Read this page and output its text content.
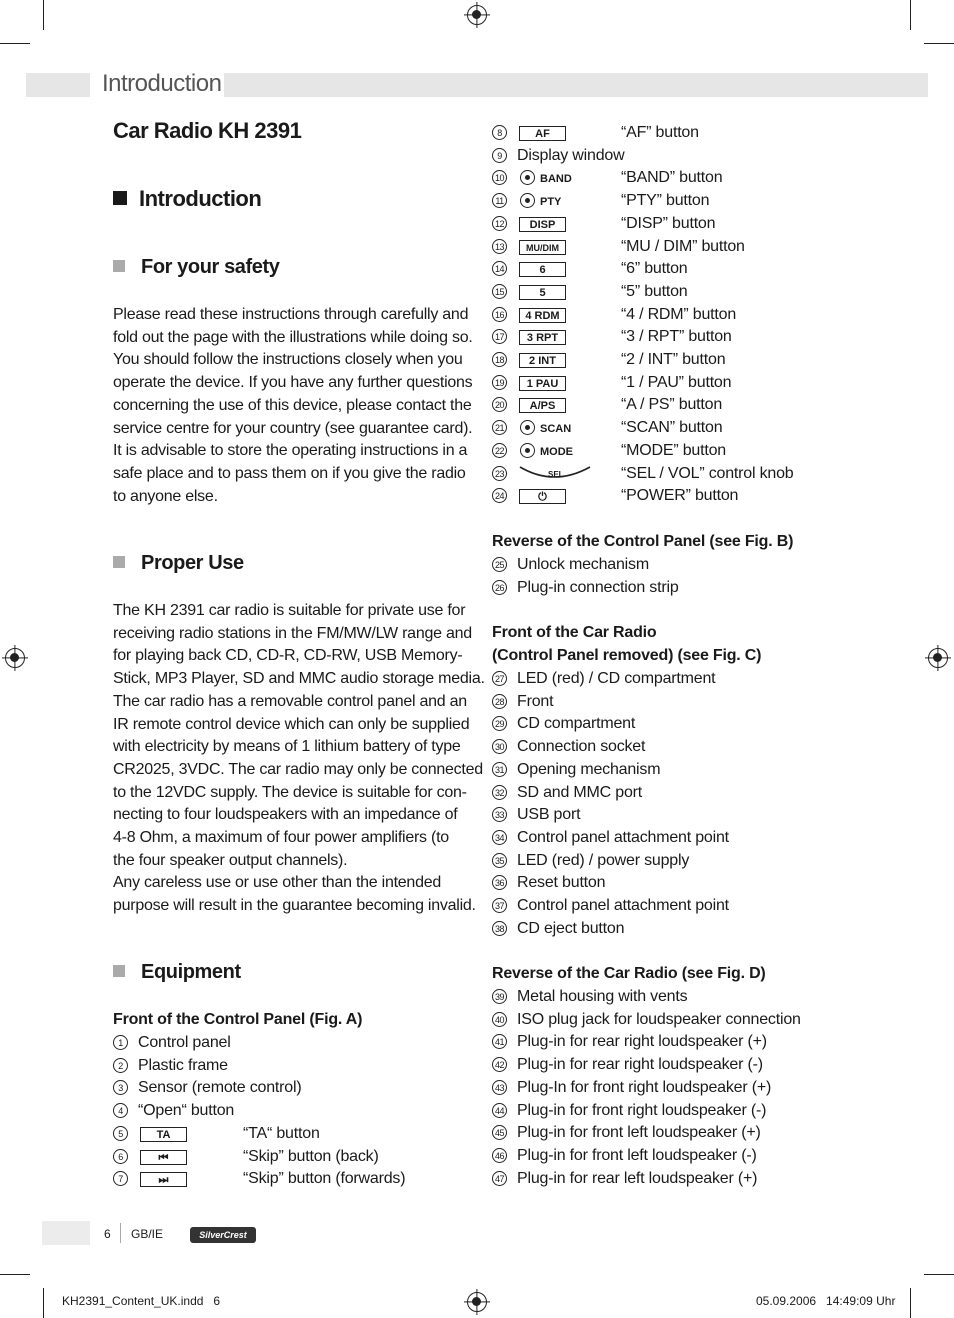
Introduction
Car Radio KH 2391
Introduction
For your safety

Please read these instructions through carefully and

fold out the page with the illustrations while doing so.

You should follow the instructions closely when you

operate the device. If you have any further questions

concerning the use of this device, please contact the

service centre for your country (see guarantee card).

It is advisable to store the operating instructions in a

safe place and to pass them on if you give the radio

to anyone else.

Proper Use

The KH 2391 car radio is suitable for private use for

receiving radio stations in the FM/MW/LW range and

for playing back CD, CD-R, CD-RW, USB Memory-

Stick, MP3 Player, SD and MMC audio storage media.

The car radio has a removable control panel and an

IR remote control device which can only be supplied

with electricity by means of 1 lithium battery of type

CR2025, 3VDC. The car radio may only be connected

to the 12VDC supply. The device is suitable for con-

necting to four loudspeakers with an impedance of

4-8 Ohm, a maximum of four power amplifiers (to

the four speaker output channels).

Any careless use or use other than the intended

purpose will result in the guarantee becoming invalid.

Equipment
Front of the Control Panel (Fig. A)
1 Control panel
2 Plastic frame
3 Sensor (remote control)
4 “Open“ button
5	TA	“TA“ button
6	⏮	“Skip” button (back)
7	⏭	“Skip” button (forwards)
8	AF	“AF” button
9 Display window
10	BAND	“BAND” button
11	PTY	“PTY” button
12	DISP	“DISP” button
13	MU/DIM	“MU / DIM” button
14	6	“6” button
15	5	“5” button
16	4 RDM	“4 / RDM” button
17	3 RPT	“3 / RPT” button
18	2 INT	“2 / INT” button
19	1 PAU	“1 / PAU” button
20	A/PS	“A / PS” button
21	SCAN	“SCAN” button
22	MODE	“MODE” button
23	SEL	“SEL / VOL” control knob
24	⏻	“POWER” button
Reverse of the Control Panel (see Fig. B)
25 Unlock mechanism
26 Plug-in connection strip
Front of the Car Radio
(Control Panel removed) (see Fig. C)
27 LED (red) / CD compartment
28 Front
29 CD compartment
30 Connection socket
31 Opening mechanism
32 SD and MMC port
33 USB port
34 Control panel attachment point
35 LED (red) / power supply
36 Reset button
37 Control panel attachment point
38 CD eject button
Reverse of the Car Radio (see Fig. D)
39 Metal housing with vents
40 ISO plug jack for loudspeaker connection
41 Plug-in for rear right loudspeaker (+)
42 Plug-in for rear right loudspeaker (-)
43 Plug-In for front right loudspeaker (+)
44 Plug-in for front right loudspeaker (-)
45 Plug-in for front left loudspeaker (+)
46 Plug-in for front left loudspeaker (-)
47 Plug-in for rear left loudspeaker (+)
6 GB/IE	SilverCrest
KH2391_Content_UK.indd   6	05.09.2006   14:49:09 Uhr
